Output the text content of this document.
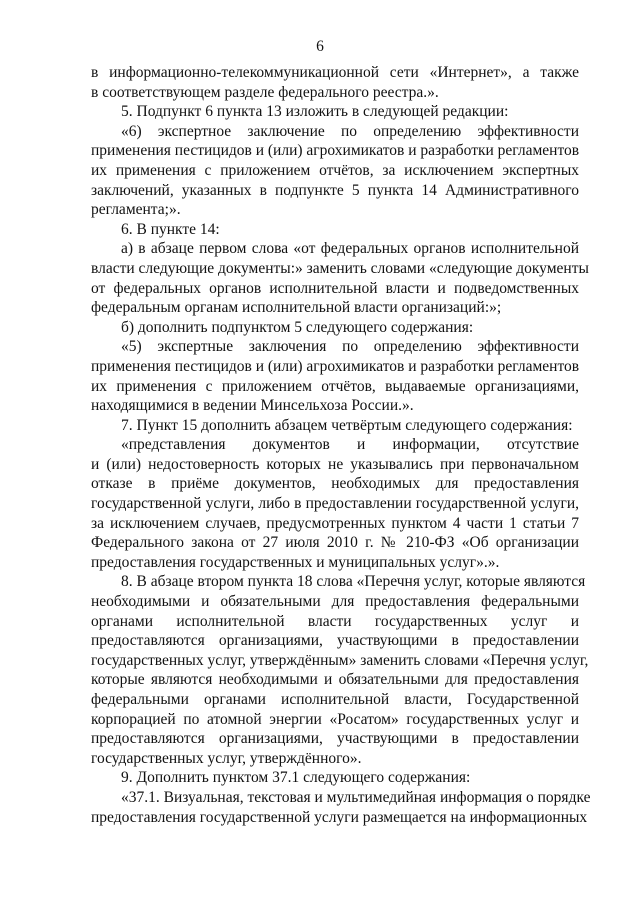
6
в информационно-телекоммуникационной сети «Интернет», а также
в соответствующем разделе федерального реестра.».
5. Подпункт 6 пункта 13 изложить в следующей редакции:
«6) экспертное заключение по определению эффективности
применения пестицидов и (или) агрохимикатов и разработки регламентов
их применения с приложением отчётов, за исключением экспертных
заключений, указанных в подпункте 5 пункта 14 Административного
регламента;».
6. В пункте 14:
а) в абзаце первом слова «от федеральных органов исполнительной
власти следующие документы:» заменить словами «следующие документы
от федеральных органов исполнительной власти и подведомственных
федеральным органам исполнительной власти организаций:»;
б) дополнить подпунктом 5 следующего содержания:
«5) экспертные заключения по определению эффективности
применения пестицидов и (или) агрохимикатов и разработки регламентов
их применения с приложением отчётов, выдаваемые организациями,
находящимися в ведении Минсельхоза России.».
7. Пункт 15 дополнить абзацем четвёртым следующего содержания:
«представления документов и информации, отсутствие
и (или) недостоверность которых не указывались при первоначальном
отказе в приёме документов, необходимых для предоставления
государственной услуги, либо в предоставлении государственной услуги,
за исключением случаев, предусмотренных пунктом 4 части 1 статьи 7
Федерального закона от 27 июля 2010 г. № 210-ФЗ «Об организации
предоставления государственных и муниципальных услуг».».
8. В абзаце втором пункта 18 слова «Перечня услуг, которые являются
необходимыми и обязательными для предоставления федеральными
органами исполнительной власти государственных услуг и
предоставляются организациями, участвующими в предоставлении
государственных услуг, утверждённым» заменить словами «Перечня услуг,
которые являются необходимыми и обязательными для предоставления
федеральными органами исполнительной власти, Государственной
корпорацией по атомной энергии «Росатом» государственных услуг и
предоставляются организациями, участвующими в предоставлении
государственных услуг, утверждённого».
9. Дополнить пунктом 37.1 следующего содержания:
«37.1. Визуальная, текстовая и мультимедийная информация о порядке
предоставления государственной услуги размещается на информационных
